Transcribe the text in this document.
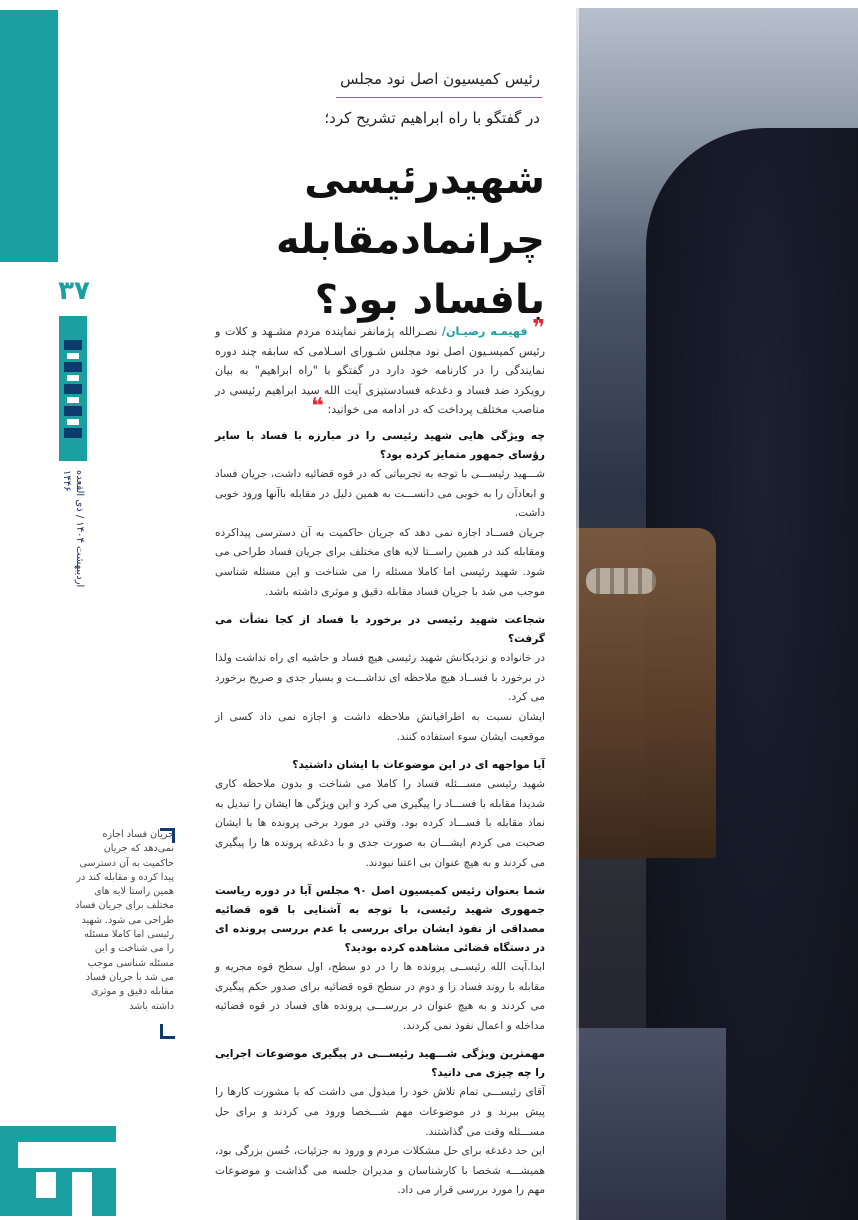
۳۷
اردیبهشت ۱۴۰۴ / ذی القعده
۱۴۴۶
رئیس کمیسیون اصل نود مجلس
در گفتگو با راه ابراهیم تشریح کرد؛
شهیدرئیسی
چرانمادمقابله
بافساد بود؟
❞ فهیمـه رضیـان/ نصـرالله پژمانفر نماینده مردم مشـهد و کلات و رئیس کمیسـیون اصل نود مجلس شـورای اسـلامی که سابقه چند دوره نمایندگی را در کارنامه خود دارد در گفتگو با "راه ابراهیم" به بیان رویکرد ضد فساد و دغدغه فسادستیزی آیت الله سید ابراهیم رئیسی در مناصب مختلف پرداخت که در ادامه می خوانید: ❝

چه ویژگی هایی شهید رئیسی را در مبارزه با فساد با سایر رؤسای جمهور متمایز کرده بود؟

شـــهید رئیســـی با توجه به تجربیاتی که در قوه قضائیه داشت، جریان فساد و ابعادآن را به خوبی می دانســـت به همین دلیل در مقابله باآنها ورود خوبی داشت.

جریان فســاد اجازه نمی دهد که جریان حاکمیت به آن دسترسی پیداکرده ومقابله کند در همین راســتا لایه های مختلف برای جریان فساد طراحی می شود. شهید رئیسی اما کاملا مسئله را می شناخت و این مسئله شناسی موجب می شد با جریان فساد مقابله دقیق و موثری داشته باشد.

شجاعت شهید رئیسی در برخورد با فساد از کجا نشأت می گرفت؟

در خانواده و نزدیکانش شهید رئیسی هیچ فساد و حاشیه ای راه نداشت ولذا در برخورد با فســاد هیچ ملاحظه ای نداشـــت و بسیار جدی و صریح برخورد می کرد.

ایشان نسبت به اطرافیانش ملاحظه داشت و اجازه نمی داد کسی از موقعیت ایشان سوء استفاده کنند.

آیا مواجهه ای در این موضوعات با ایشان داشتید؟

شهید رئیسی مســـئله فساد را کاملا می شناخت و بدون ملاحظه کاری شدیدا مقابله با فســـاد را پیگیری می کرد و این ویژگی ها ایشان را تبدیل به نماد مقابله با فســـاد کرده بود. وقتی در مورد برخی پرونده ها با ایشان صحبت می کردم ایشـــان به صورت جدی و با دغدغه پرونده ها را پیگیری می کردند و به هیچ عنوان بی اعتنا نبودند.

شما بعنوان رئیس کمیسیون اصل ۹۰ مجلس آیا در دوره ریاست جمهوری شهید رئیسی، با توجه به آشنایی با قوه قضائیه مصداقی از نفوذ ایشان برای بررسی یا عدم بررسی پرونده ای در دستگاه قضائی مشاهده کرده بودید؟

ابدا.آیت الله رئیســی پرونده ها را در دو سطح، اول سطح قوه مجریه و مقابله با روند فساد زا و دوم در سطح قوه قضائیه برای صدور حکم پیگیری می کردند و به هیچ عنوان در بررســـی پرونده های فساد در قوه قضائیه مداخله و اعمال نفوذ نمی کردند.

مهمترین ویژگی شـــهید رئیســـی در پیگیری موضوعات اجرایی را چه چیزی می دانید؟

آقای رئیســـی تمام تلاش خود را مبذول می داشت که با مشورت کارها را پیش ببرند و در موضوعات مهم شـــخصا ورود می کردند و برای حل مســـئله وقت می گذاشتند.

این حد دغدغه برای حل مشکلات مردم و ورود به جزئیات، حُسن بزرگی بود، همیشـــه شخصا با کارشناسان و مدیران جلسه می گذاشت و موضوعات مهم را مورد بررسی قرار می داد.

جریان فساد اجازه نمی‌دهد که جریان حاکمیت به آن دسترسی پیدا کرده و مقابله کند در همین راستا لایه های مختلف برای جریان فساد طراحی می شود. شهید رئیسی اما کاملا مسئله را می شناخت و این مسئله شناسی موجب می شد با جریان فساد مقابله دقیق و موثری داشته باشد
